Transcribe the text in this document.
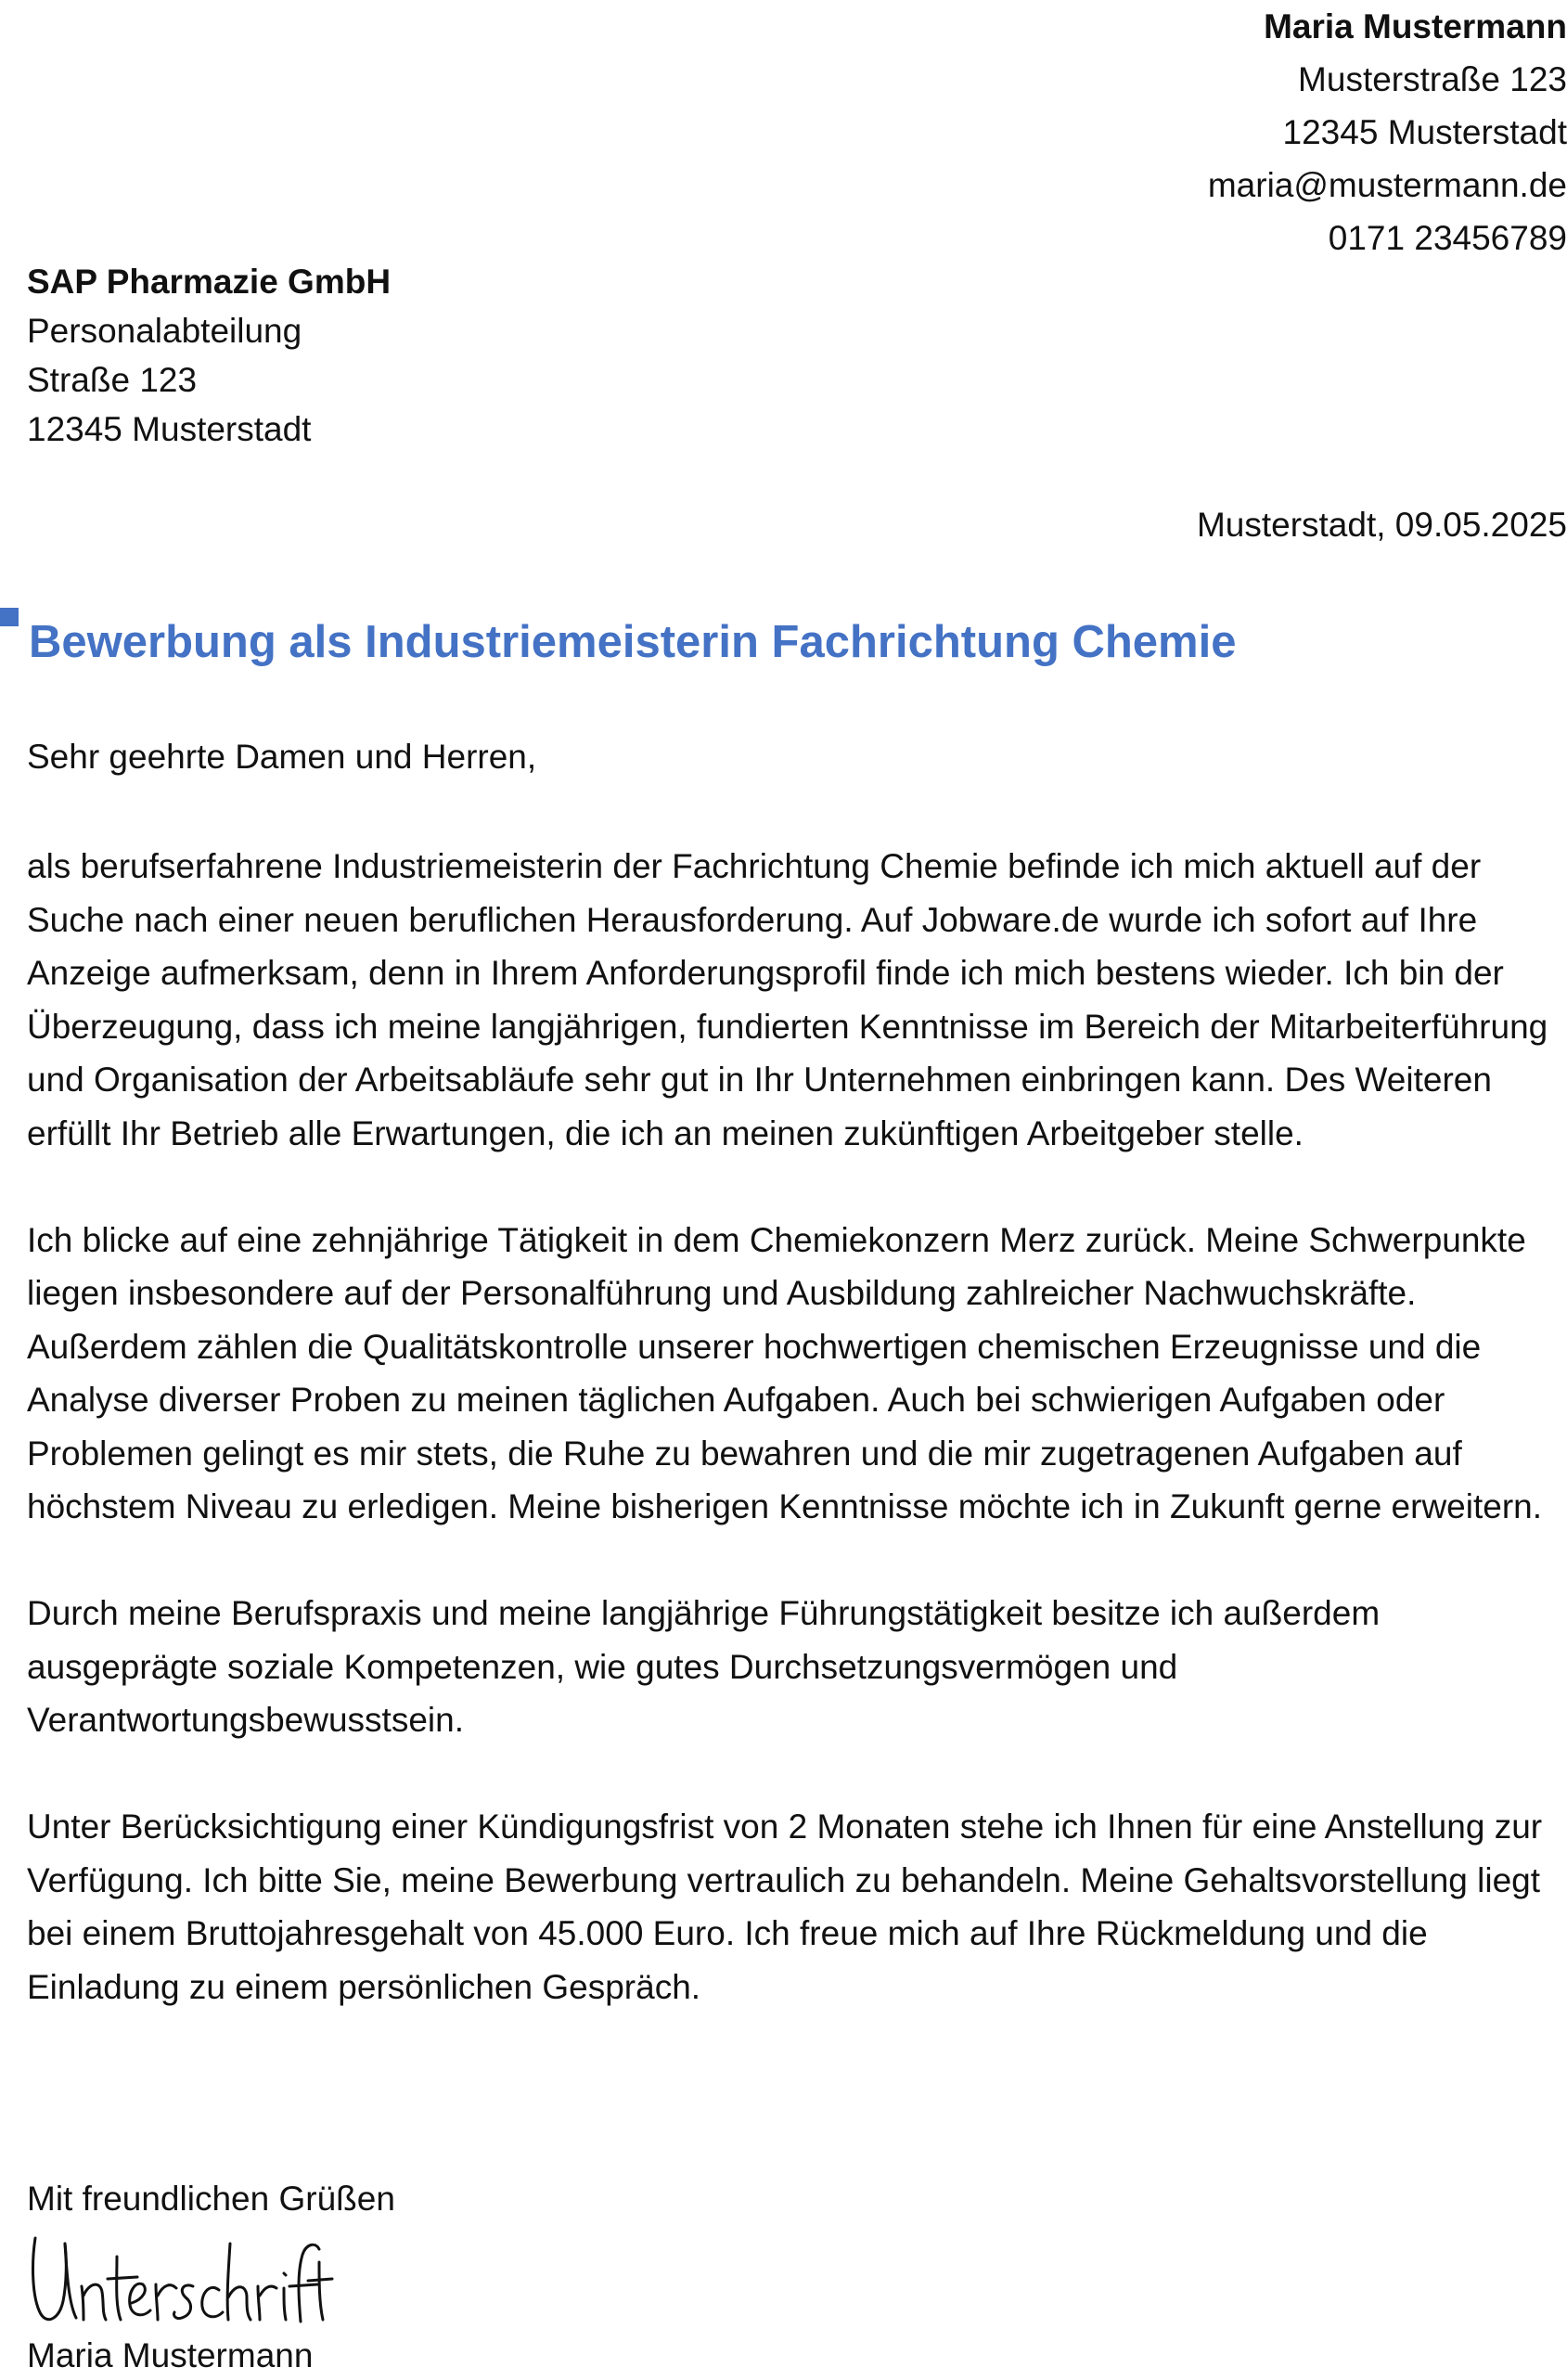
Maria Mustermann
Musterstraße 123
12345 Musterstadt
maria@mustermann.de
0171 23456789
SAP Pharmazie GmbH
Personalabteilung
Straße 123
12345 Musterstadt
Musterstadt, 09.05.2025
Bewerbung als Industriemeisterin Fachrichtung Chemie
Sehr geehrte Damen und Herren,

als berufserfahrene Industriemeisterin der Fachrichtung Chemie befinde ich mich aktuell auf der Suche nach einer neuen beruflichen Herausforderung. Auf Jobware.de wurde ich sofort auf Ihre Anzeige aufmerksam, denn in Ihrem Anforderungsprofil finde ich mich bestens wieder. Ich bin der Überzeugung, dass ich meine langjährigen, fundierten Kenntnisse im Bereich der Mitarbeiterführung und Organisation der Arbeitsabläufe sehr gut in Ihr Unternehmen einbringen kann. Des Weiteren erfüllt Ihr Betrieb alle Erwartungen, die ich an meinen zukünftigen Arbeitgeber stelle.

Ich blicke auf eine zehnjährige Tätigkeit in dem Chemiekonzern Merz zurück. Meine Schwerpunkte liegen insbesondere auf der Personalführung und Ausbildung zahlreicher Nachwuchskräfte. Außerdem zählen die Qualitätskontrolle unserer hochwertigen chemischen Erzeugnisse und die Analyse diverser Proben zu meinen täglichen Aufgaben. Auch bei schwierigen Aufgaben oder Problemen gelingt es mir stets, die Ruhe zu bewahren und die mir zugetragenen Aufgaben auf höchstem Niveau zu erledigen. Meine bisherigen Kenntnisse möchte ich in Zukunft gerne erweitern.

Durch meine Berufspraxis und meine langjährige Führungstätigkeit besitze ich außerdem ausgeprägte soziale Kompetenzen, wie gutes Durchsetzungsvermögen und Verantwortungsbewusstsein.

Unter Berücksichtigung einer Kündigungsfrist von 2 Monaten stehe ich Ihnen für eine Anstellung zur Verfügung. Ich bitte Sie, meine Bewerbung vertraulich zu behandeln. Meine Gehaltsvorstellung liegt bei einem Bruttojahresgehalt von 45.000 Euro. Ich freue mich auf Ihre Rückmeldung und die Einladung zu einem persönlichen Gespräch.

Mit freundlichen Grüßen
Maria Mustermann
